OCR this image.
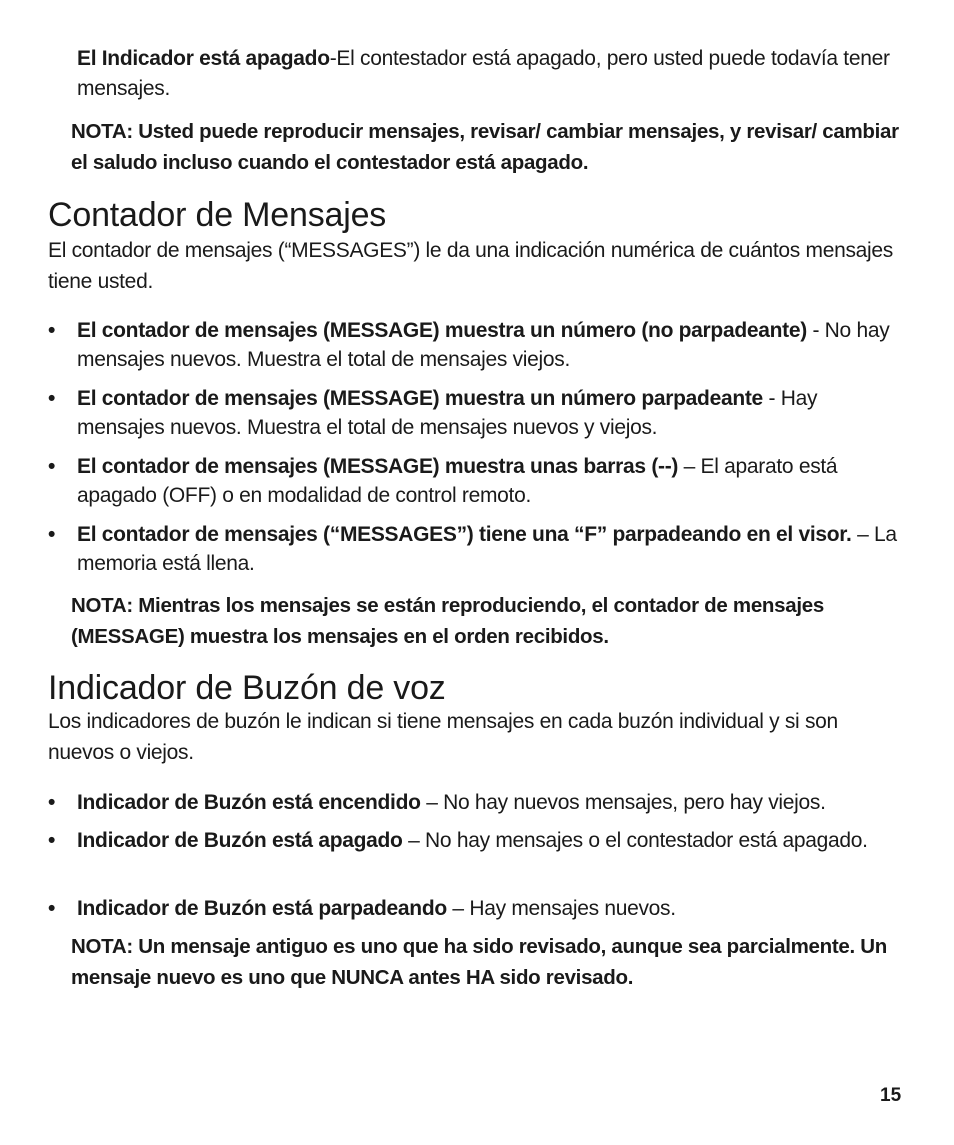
El Indicador está apagado-El contestador está apagado, pero usted puede todavía tener mensajes.
NOTA: Usted puede reproducir mensajes, revisar/ cambiar mensajes, y revisar/ cambiar el saludo incluso cuando el contestador está apagado.
Contador de Mensajes
El contador de mensajes (“MESSAGES”) le da una indicación numérica de cuántos mensajes tiene usted.
• El contador de mensajes (MESSAGE) muestra un número (no parpadeante) - No hay mensajes nuevos. Muestra el total de mensajes viejos.
• El contador de mensajes (MESSAGE) muestra un número parpadeante - Hay mensajes nuevos. Muestra el total de mensajes nuevos y viejos.
• El contador de mensajes (MESSAGE) muestra unas barras (--) – El aparato está apagado (OFF) o en modalidad de control remoto.
• El contador de mensajes (“MESSAGES”) tiene una “F” parpadeando en el visor. – La memoria está llena.
NOTA: Mientras los mensajes se están reproduciendo, el contador de mensajes (MESSAGE) muestra los mensajes en el orden recibidos.
Indicador de Buzón de voz
Los indicadores de buzón le indican si tiene mensajes en cada buzón individual y si son nuevos o viejos.
• Indicador de Buzón está encendido – No hay nuevos mensajes, pero hay viejos.
• Indicador de Buzón está apagado – No hay mensajes o el contestador está apagado.
• Indicador de Buzón está parpadeando – Hay mensajes nuevos.
NOTA: Un mensaje antiguo es uno que ha sido revisado, aunque sea parcialmente. Un mensaje nuevo es uno que NUNCA antes HA sido revisado.
15
